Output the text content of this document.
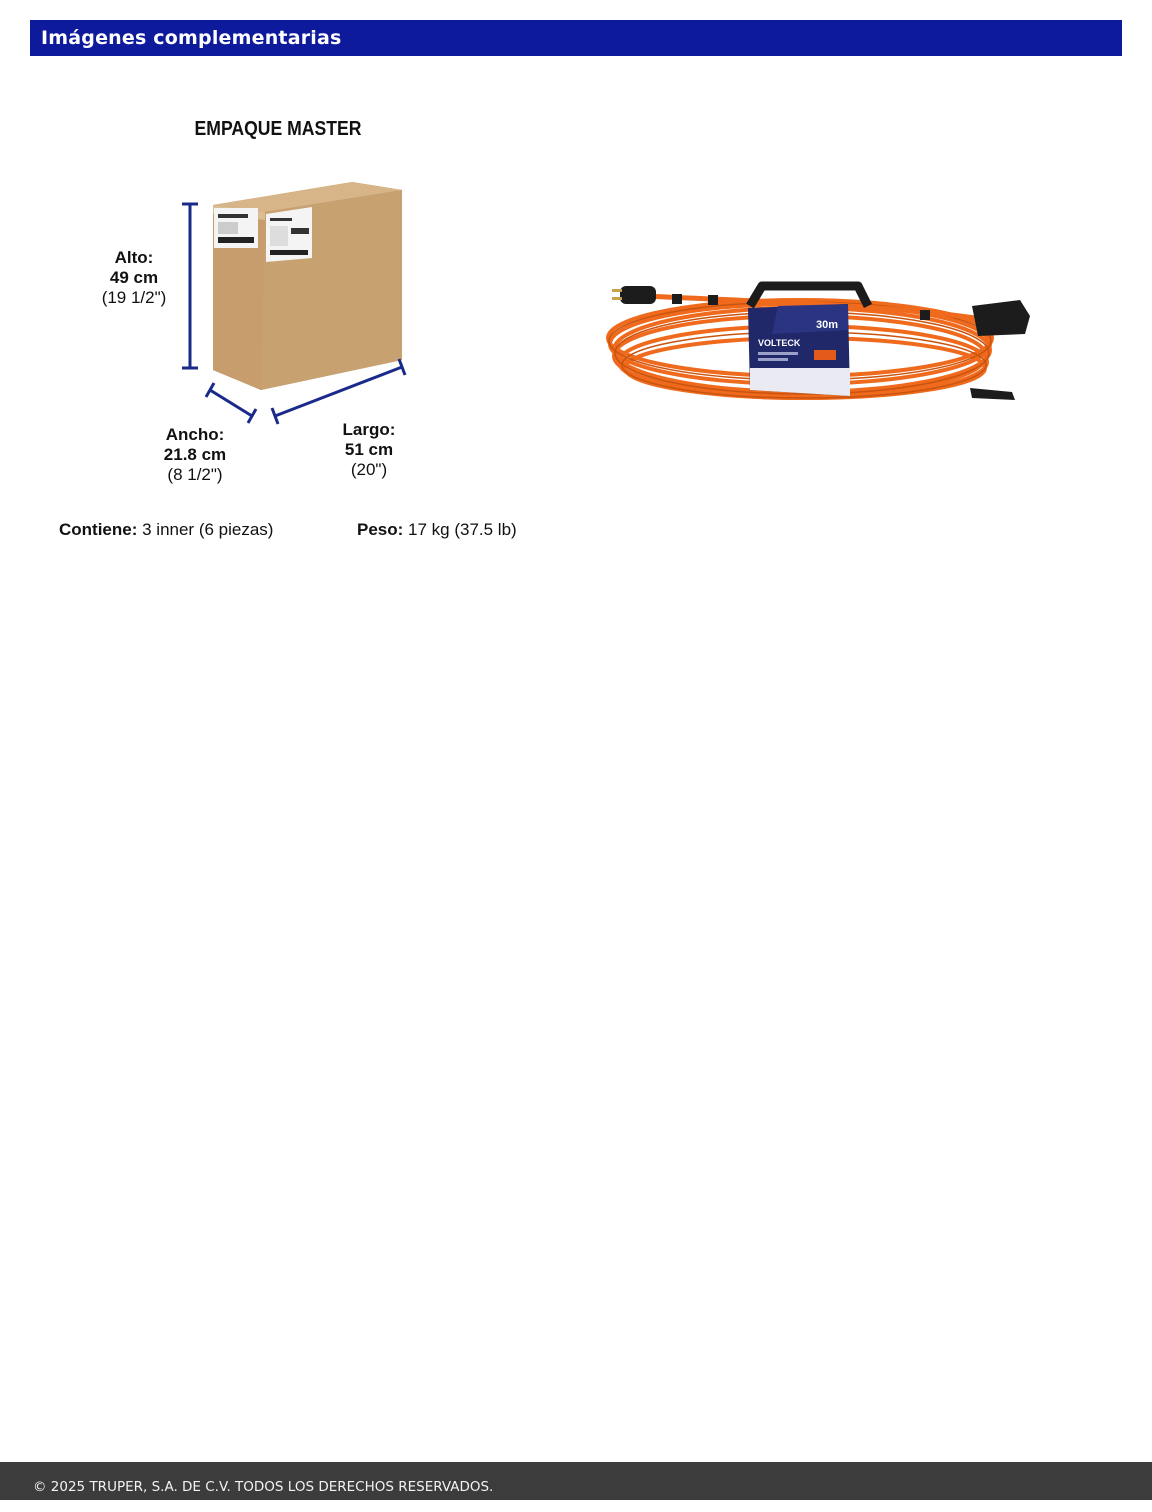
Imágenes complementarias
EMPAQUE MASTER
Alto:
49 cm
(19 1/2")
Ancho:
21.8 cm
(8 1/2")
Largo:
51 cm
(20")
Contiene: 3 inner (6 piezas)	Peso: 17 kg (37.5 lb)
VOLTECK
30m
© 2025 TRUPER, S.A. DE C.V. TODOS LOS DERECHOS RESERVADOS.
